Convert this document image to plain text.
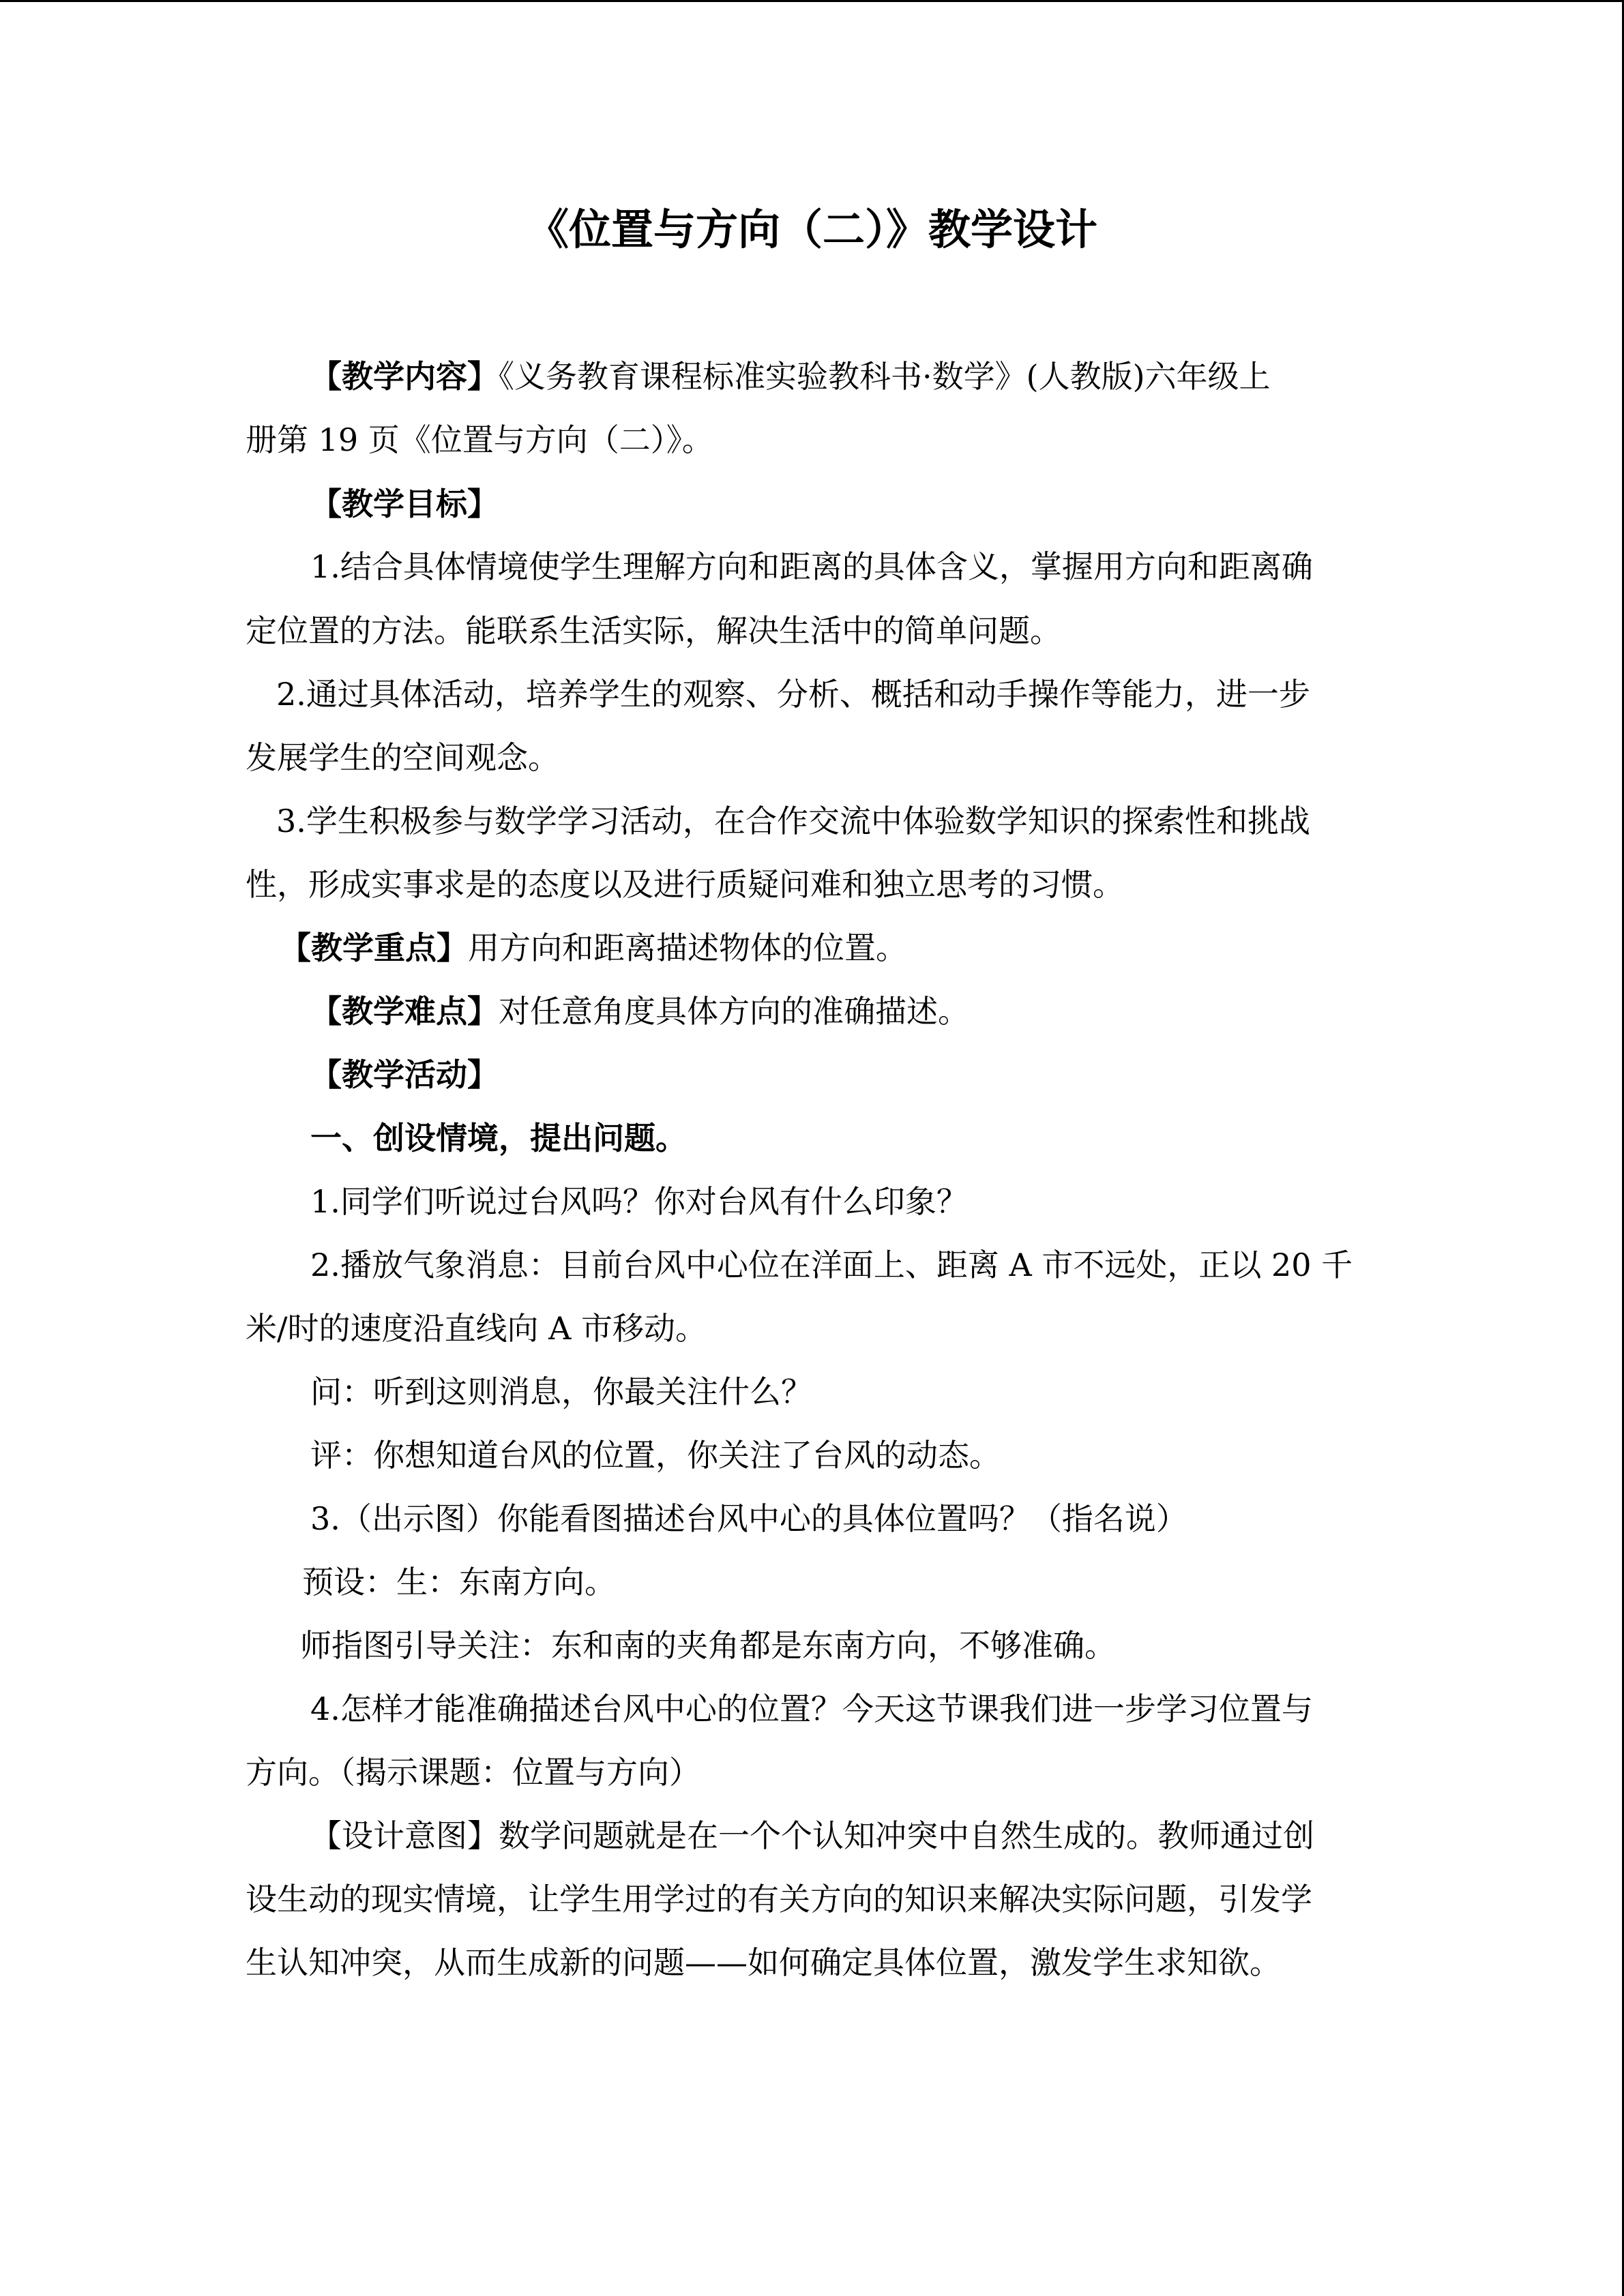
《位置与方向（二）》教学设计
【教学内容】《义务教育课程标准实验教科书·数学》(人教版)六年级上
册第 19 页《位置与方向（二）》。
【教学目标】
1.结合具体情境使学生理解方向和距离的具体含义，掌握用方向和距离确
定位置的方法。能联系生活实际，解决生活中的简单问题。
2.通过具体活动，培养学生的观察、分析、概括和动手操作等能力，进一步
发展学生的空间观念。
3.学生积极参与数学学习活动，在合作交流中体验数学知识的探索性和挑战
性，形成实事求是的态度以及进行质疑问难和独立思考的习惯。
【教学重点】用方向和距离描述物体的位置。
【教学难点】对任意角度具体方向的准确描述。
【教学活动】
一、创设情境，提出问题。
1.同学们听说过台风吗？你对台风有什么印象？
2.播放气象消息：目前台风中心位在洋面上、距离 A 市不远处，正以 20 千
米/时的速度沿直线向 A 市移动。
问：听到这则消息，你最关注什么？
评：你想知道台风的位置，你关注了台风的动态。
3.（出示图）你能看图描述台风中心的具体位置吗？（指名说）
预设：生：东南方向。
师指图引导关注：东和南的夹角都是东南方向，不够准确。
4.怎样才能准确描述台风中心的位置？今天这节课我们进一步学习位置与
方向。（揭示课题：位置与方向）
【设计意图】数学问题就是在一个个认知冲突中自然生成的。教师通过创
设生动的现实情境，让学生用学过的有关方向的知识来解决实际问题，引发学
生认知冲突，从而生成新的问题——如何确定具体位置，激发学生求知欲。
